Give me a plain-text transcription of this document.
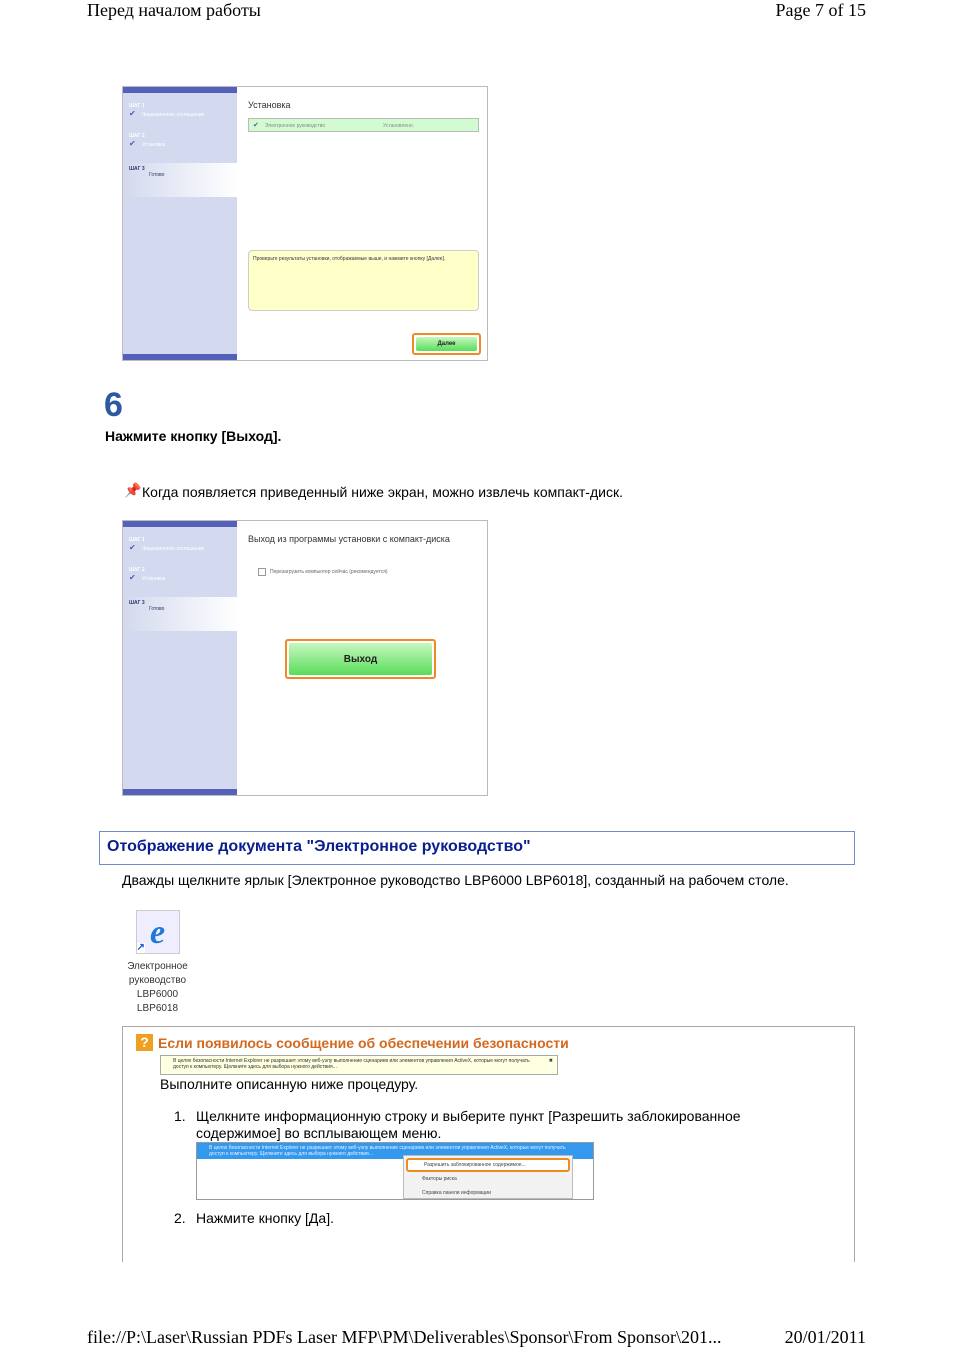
Перед началом работы	Page 7 of 15
ШАГ 1
✔ Лицензионное соглашение
ШАГ 2
✔ Установка
ШАГ 3
Готово
Установка
✔ Электронное руководство	Установлено.
Проверьте результаты установки, отображаемые выше, и нажмите кнопку [Далее].
Далее
6
Нажмите кнопку [Выход].
📌 Когда появляется приведенный ниже экран, можно извлечь компакт-диск.
ШАГ 1
✔ Лицензионное соглашение
ШАГ 2
✔ Установка
ШАГ 3
Готово
Выход из программы установки с компакт-диска
Перезагрузить компьютер сейчас (рекомендуется)
Выход
Отображение документа "Электронное руководство"
Дважды щелкните ярлык [Электронное руководство LBP6000 LBP6018], созданный на рабочем столе.
e
↗
Электронное
руководство
LBP6000
LBP6018
? Если появилось сообщение об обеспечении безопасности
В целях безопасности Internet Explorer не разрешает этому веб-узлу выполнение сценариев или элементов управления ActiveX, которые могут получать доступ к компьютеру. Щелкните здесь для выбора нужного действия...
✖
Выполните описанную ниже процедуру.
1. Щелкните информационную строку и выберите пункт [Разрешить заблокированное содержимое] во всплывающем меню.
В целях безопасности Internet Explorer не разрешает этому веб-узлу выполнение сценариев или элементов управления ActiveX, которые могут получать доступ к компьютеру. Щелкните здесь для выбора нужного действия...
Разрешить заблокированное содержимое...
Факторы риска
Справка панели информации
2. Нажмите кнопку [Да].
file://P:\Laser\Russian PDFs Laser MFP\PM\Deliverables\Sponsor\From Sponsor\201...	20/01/2011
